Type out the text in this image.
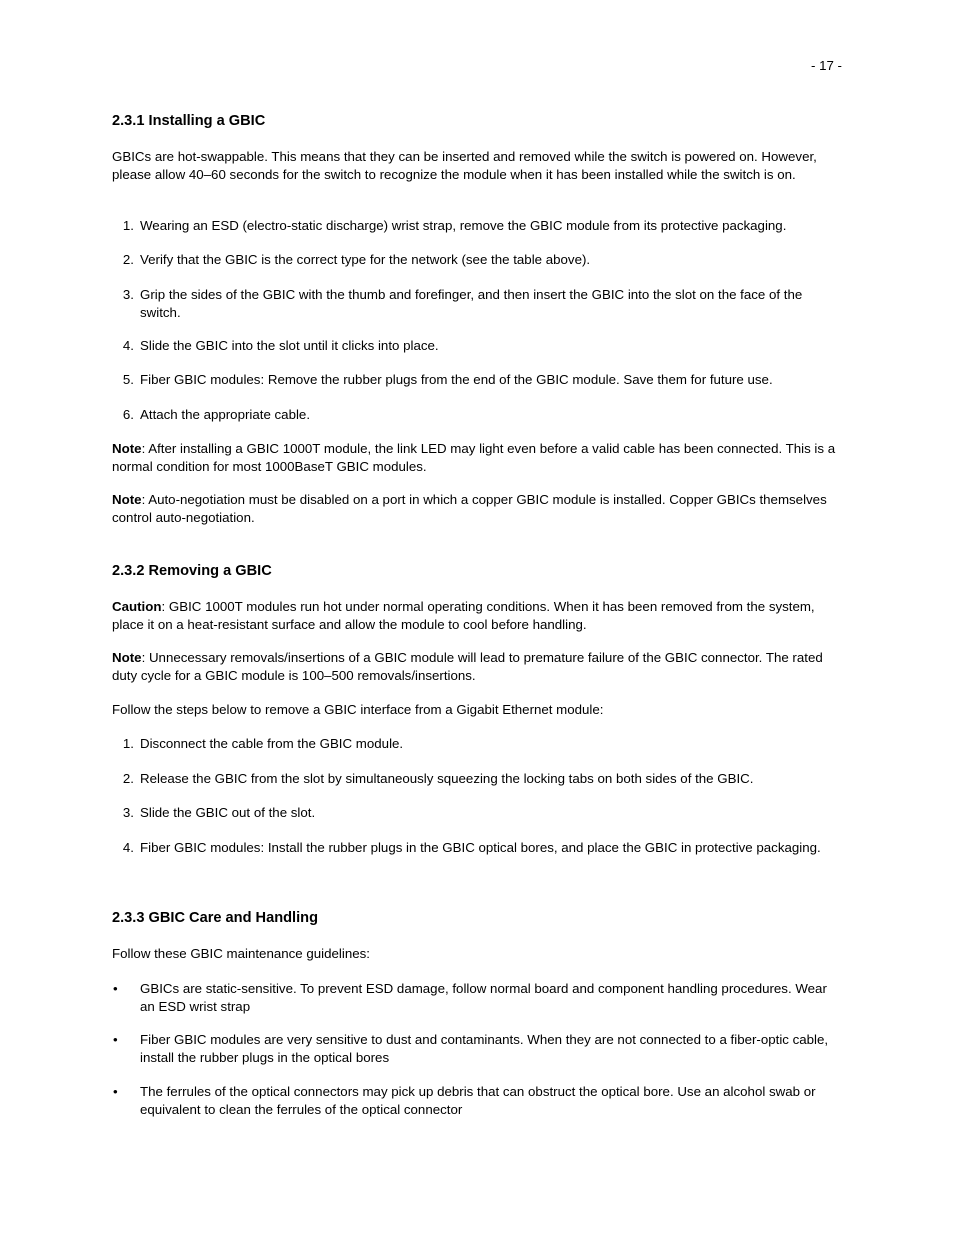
- 17 -
2.3.1 Installing a GBIC

GBICs are hot-swappable. This means that they can be inserted and removed while the switch is powered on. However, please allow 40–60 seconds for the switch to recognize the module when it has been installed while the switch is on.

1. Wearing an ESD (electro-static discharge) wrist strap, remove the GBIC module from its protective packaging.
2. Verify that the GBIC is the correct type for the network (see the table above).
3. Grip the sides of the GBIC with the thumb and forefinger, and then insert the GBIC into the slot on the face of the switch.
4. Slide the GBIC into the slot until it clicks into place.
5. Fiber GBIC modules: Remove the rubber plugs from the end of the GBIC module. Save them for future use.
6. Attach the appropriate cable.

Note: After installing a GBIC 1000T module, the link LED may light even before a valid cable has been connected. This is a normal condition for most 1000BaseT GBIC modules.

Note: Auto-negotiation must be disabled on a port in which a copper GBIC module is installed. Copper GBICs themselves control auto-negotiation.

2.3.2 Removing a GBIC

Caution: GBIC 1000T modules run hot under normal operating conditions. When it has been removed from the system, place it on a heat-resistant surface and allow the module to cool before handling.

Note: Unnecessary removals/insertions of a GBIC module will lead to premature failure of the GBIC connector. The rated duty cycle for a GBIC module is 100–500 removals/insertions.

Follow the steps below to remove a GBIC interface from a Gigabit Ethernet module:

1. Disconnect the cable from the GBIC module.
2. Release the GBIC from the slot by simultaneously squeezing the locking tabs on both sides of the GBIC.
3. Slide the GBIC out of the slot.
4. Fiber GBIC modules: Install the rubber plugs in the GBIC optical bores, and place the GBIC in protective packaging.
2.3.3 GBIC Care and Handling

Follow these GBIC maintenance guidelines:

•	GBICs are static-sensitive. To prevent ESD damage, follow normal board and component handling procedures. Wear an ESD wrist strap
•	Fiber GBIC modules are very sensitive to dust and contaminants. When they are not connected to a fiber-optic cable, install the rubber plugs in the optical bores
•	The ferrules of the optical connectors may pick up debris that can obstruct the optical bore. Use an alcohol swab or equivalent to clean the ferrules of the optical connector
